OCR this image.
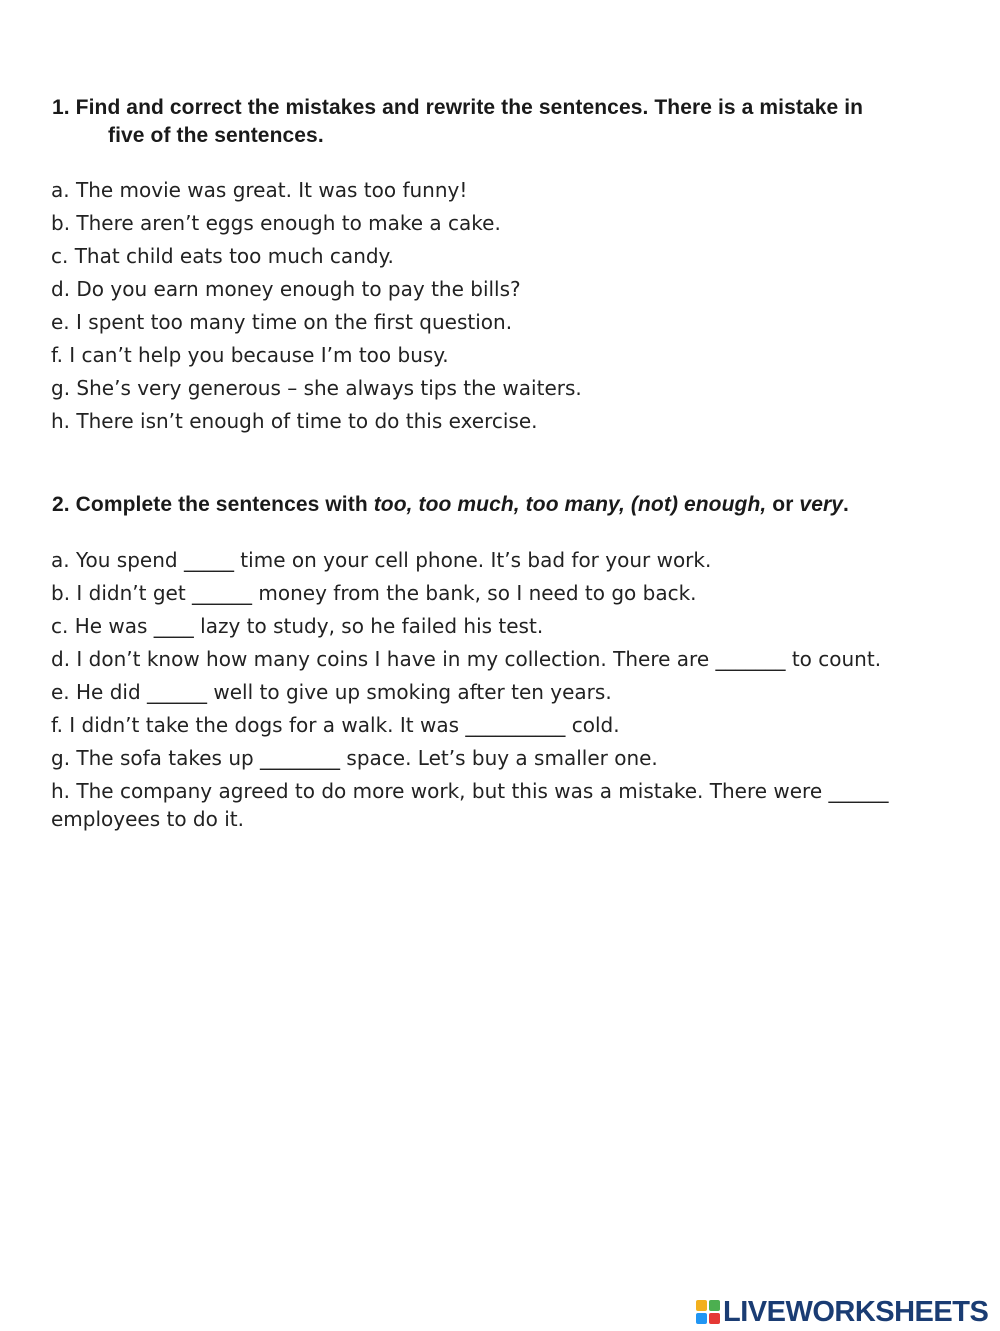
1. Find and correct the mistakes and rewrite the sentences. There is a mistake in
five of the sentences.
a. The movie was great. It was too funny!
b. There aren’t eggs enough to make a cake.
c. That child eats too much candy.
d. Do you earn money enough to pay the bills?
e. I spent too many time on the first question.
f. I can’t help you because I’m too busy.
g. She’s very generous – she always tips the waiters.
h. There isn’t enough of time to do this exercise.
2. Complete the sentences with too, too much, too many, (not) enough, or very.
a. You spend _____ time on your cell phone. It’s bad for your work.
b. I didn’t get ______ money from the bank, so I need to go back.
c. He was ____ lazy to study, so he failed his test.
d. I don’t know how many coins I have in my collection. There are _______ to count.
e. He did ______ well to give up smoking after ten years.
f. I didn’t take the dogs for a walk. It was __________ cold.
g. The sofa takes up ________ space. Let’s buy a smaller one.
h. The company agreed to do more work, but this was a mistake. There were ______ employees to do it.
LIVEWORKSHEETS
